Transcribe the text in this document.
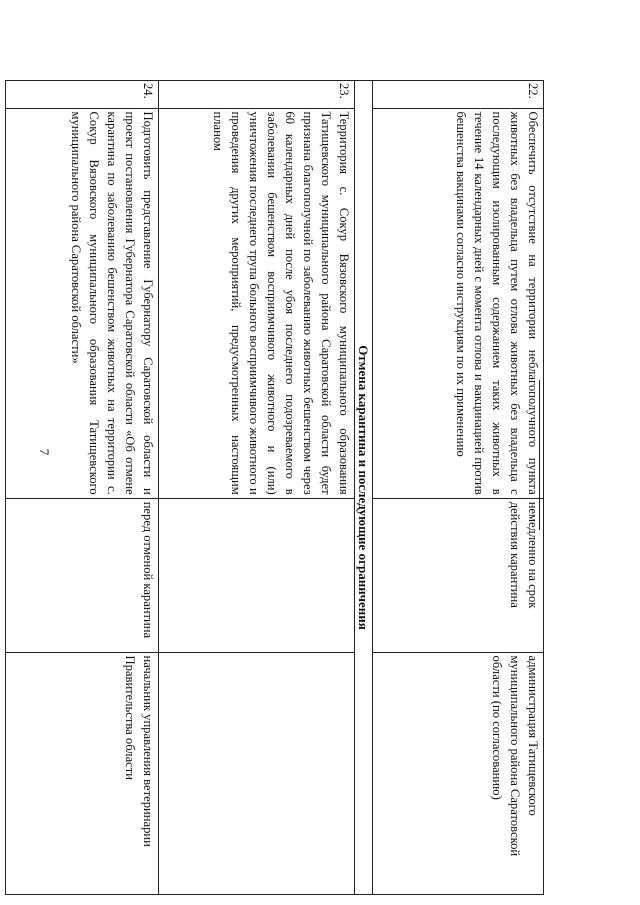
7
22.	Обеспечить отсутствие на территории неблагополучного пункта животных без владельца путем отлова животных без владельца с последующим изолированным содержанием таких животных в течение 14 календарных дней с момента отлова и вакцинацией против бешенства вакцинами согласно инструкциям по их применению	немедленно на срок действия карантина	администрация Татищевского муниципального района Саратовской области (по согласованию)
Отмена карантина и последующие ограничения			
23.	Территория с. Сокур Вязовского муниципального образования Татищевского муниципального района Саратовской области будет признана благополучной по заболеванию животных бешенством через 60 календарных дней после убоя последнего подозреваемого в заболевании бешенством восприимчивого животного и (или) уничтожения последнего трупа больного восприимчивого животного и проведения других мероприятий, предусмотренных настоящим планом		
24.	Подготовить представление Губернатору Саратовской области и проект постановления Губернатора Саратовской области «Об отмене карантина по заболеванию бешенством животных на территории с. Сокур Вязовского муниципального образования Татищевского муниципального района Саратовской области»	перед отменой карантина	начальник управления ветеринарии
Правительства области
